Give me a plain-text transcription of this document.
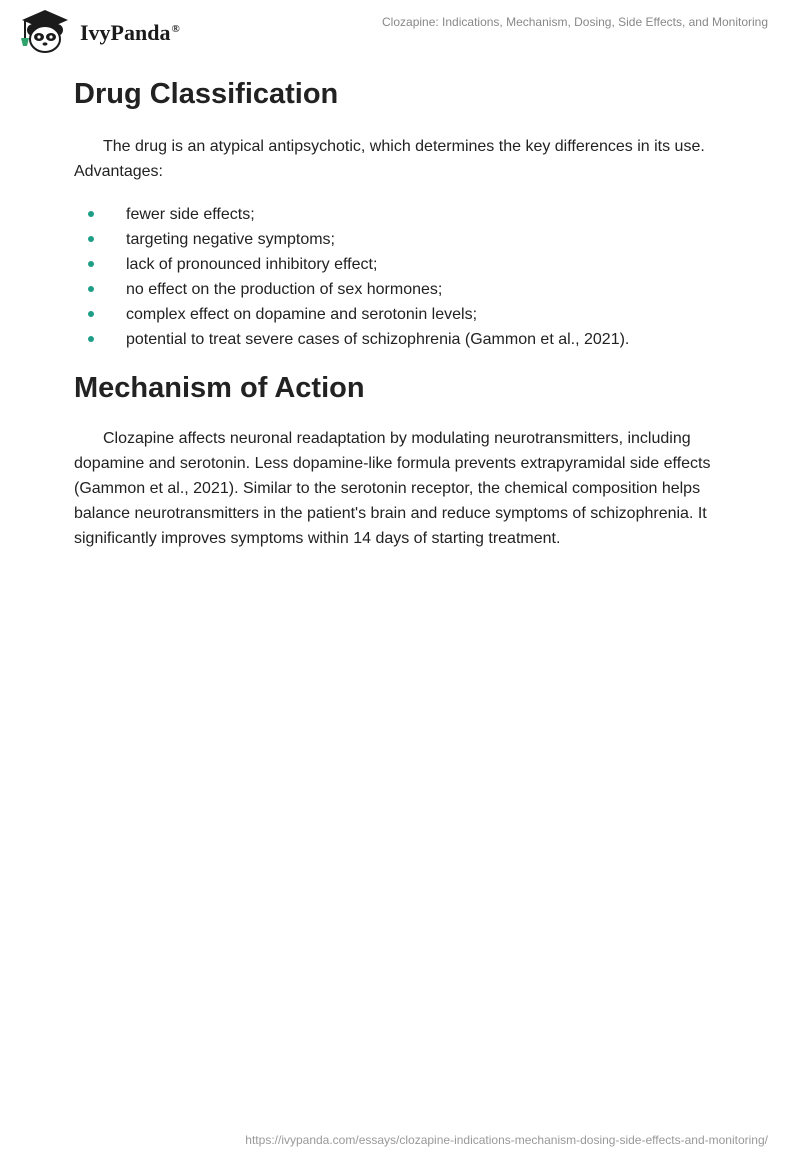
IvyPanda®	Clozapine: Indications, Mechanism, Dosing, Side Effects, and Monitoring
Drug Classification

The drug is an atypical antipsychotic, which determines the key differences in its use. Advantages:

fewer side effects;
targeting negative symptoms;
lack of pronounced inhibitory effect;
no effect on the production of sex hormones;
complex effect on dopamine and serotonin levels;
potential to treat severe cases of schizophrenia (Gammon et al., 2021).
Mechanism of Action

Clozapine affects neuronal readaptation by modulating neurotransmitters, including dopamine and serotonin. Less dopamine-like formula prevents extrapyramidal side effects (Gammon et al., 2021). Similar to the serotonin receptor, the chemical composition helps balance neurotransmitters in the patient's brain and reduce symptoms of schizophrenia. It significantly improves symptoms within 14 days of starting treatment.

https://ivypanda.com/essays/clozapine-indications-mechanism-dosing-side-effects-and-monitoring/
